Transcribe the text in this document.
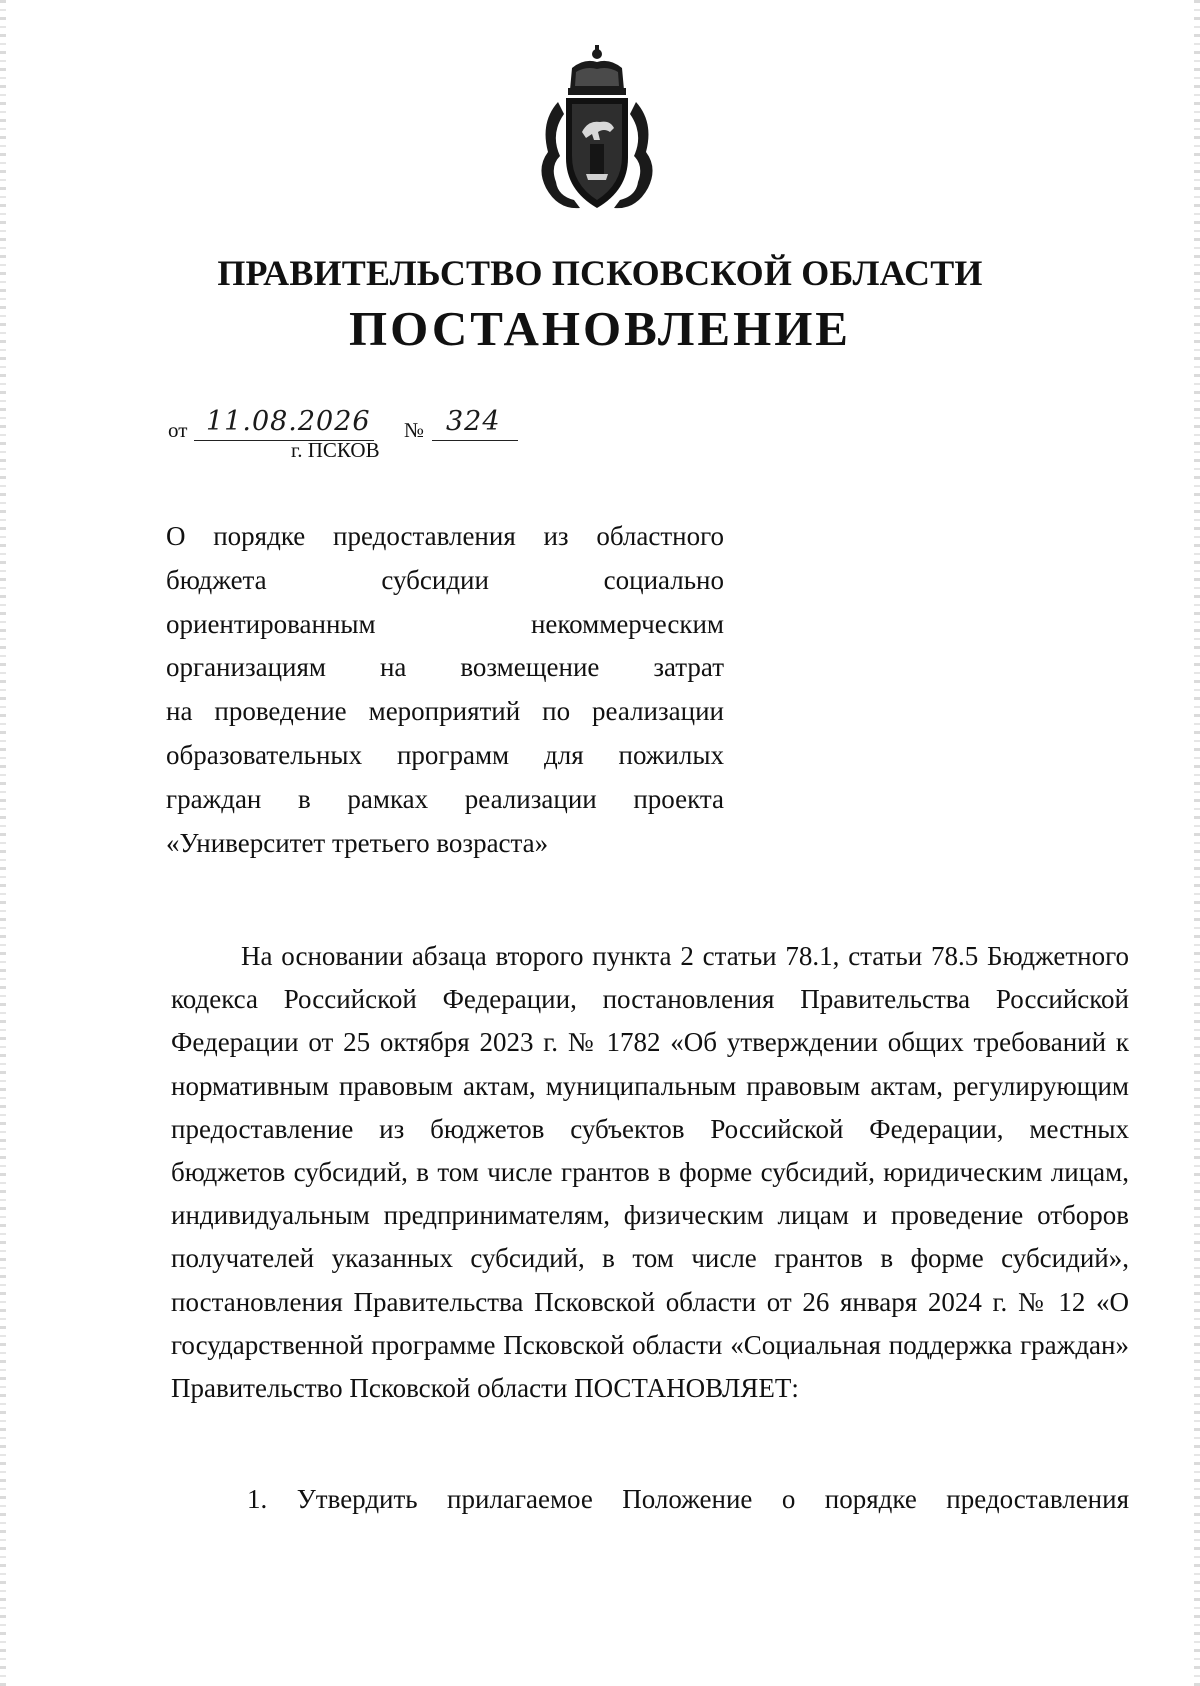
ПРАВИТЕЛЬСТВО ПСКОВСКОЙ ОБЛАСТИ
ПОСТАНОВЛЕНИЕ
от 11.08.2026 № 324
г. ПСКОВ
О порядке предоставления из областного
бюджета субсидии социально
ориентированным некоммерческим
организациям на возмещение затрат
на проведение мероприятий по реализации
образовательных программ для пожилых
граждан в рамках реализации проекта
«Университет третьего возраста»
На основании абзаца второго пункта 2 статьи 78.1, статьи 78.5 Бюджетного кодекса Российской Федерации, постановления Правительства Российской Федерации от 25 октября 2023 г. № 1782 «Об утверждении общих требований к нормативным правовым актам, муниципальным правовым актам, регулирующим предоставление из бюджетов субъектов Российской Федерации, местных бюджетов субсидий, в том числе грантов в форме субсидий, юридическим лицам, индивидуальным предпринимателям, физическим лицам и проведение отборов получателей указанных субсидий, в том числе грантов в форме субсидий», постановления Правительства Псковской области от 26 января 2024 г. № 12 «О государственной программе Псковской области «Социальная поддержка граждан» Правительство Псковской области ПОСТАНОВЛЯЕТ:
1. Утвердить прилагаемое Положение о порядке предоставления
